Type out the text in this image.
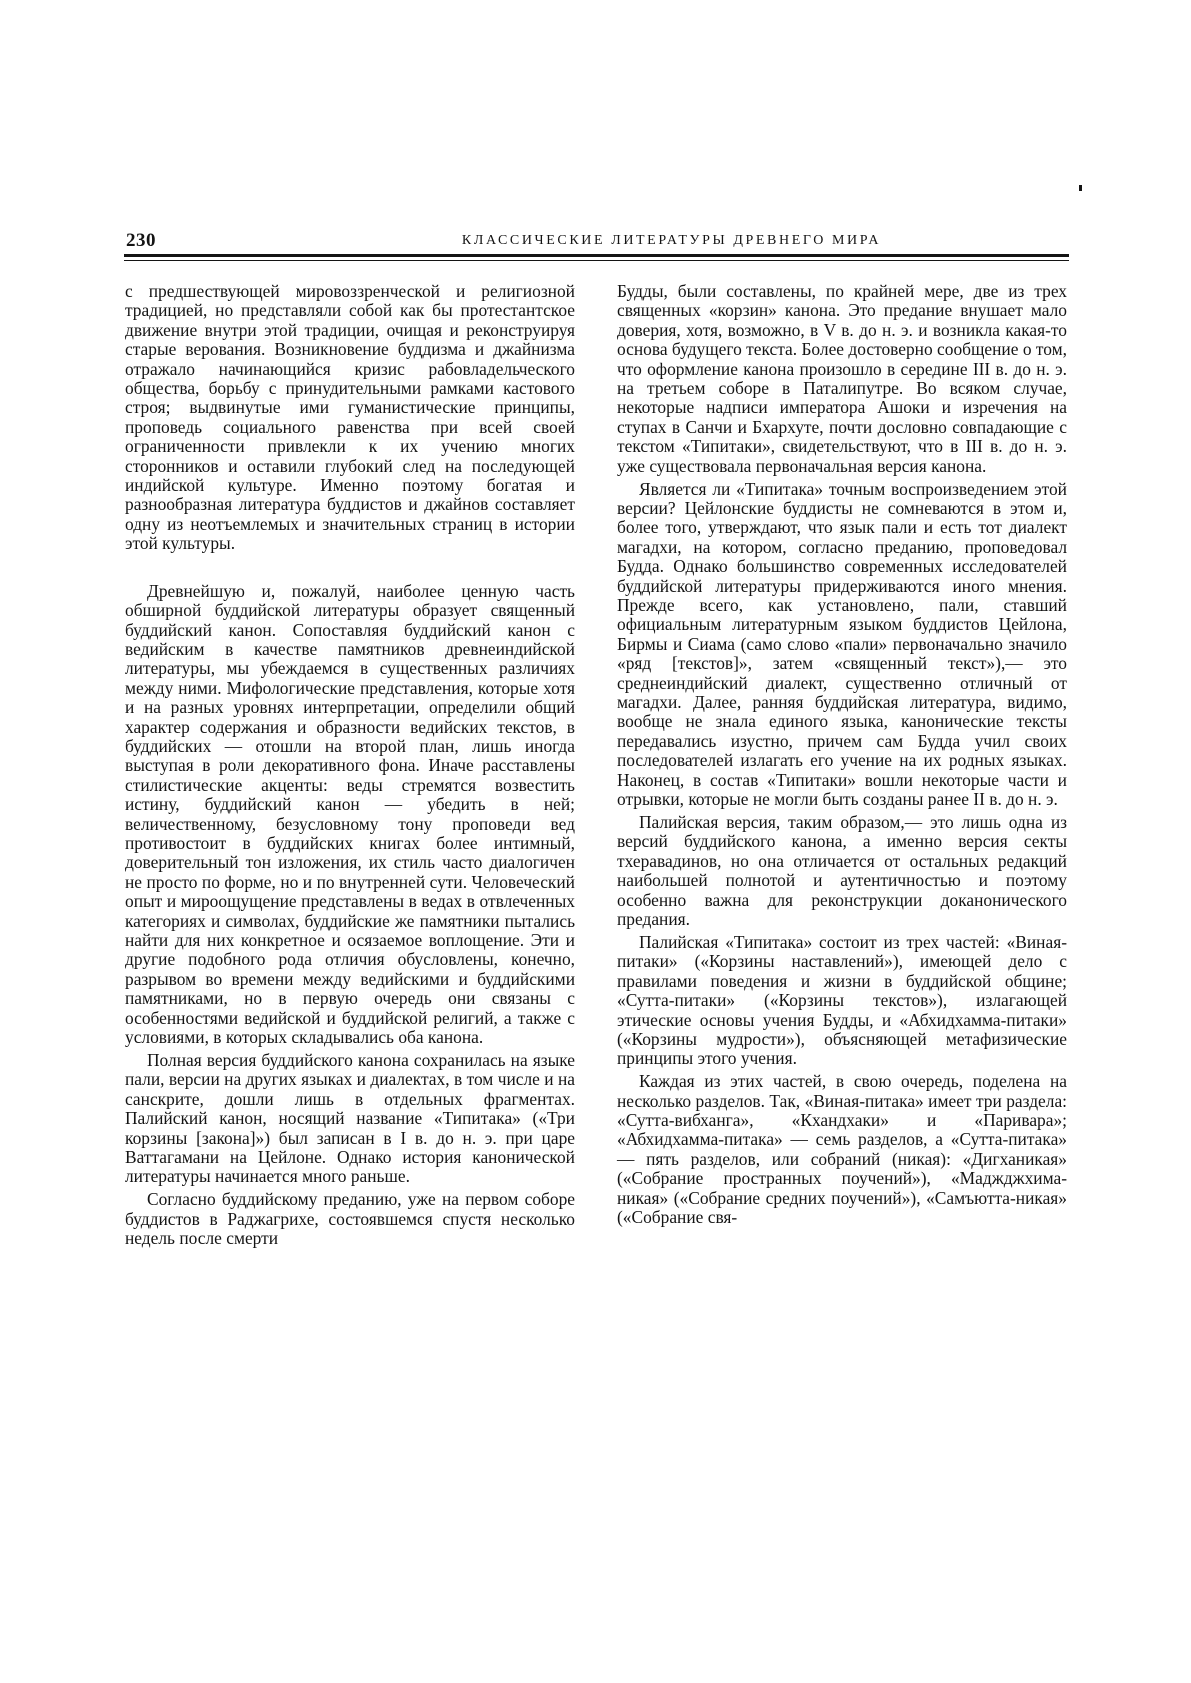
230	КЛАССИЧЕСКИЕ ЛИТЕРАТУРЫ ДРЕВНЕГО МИРА

с предшествующей мировоззренческой и религиозной традицией, но представляли собой как бы протестантское движение внутри этой традиции, очищая и реконструируя старые верования. Возникновение буддизма и джайнизма отражало начинающийся кризис рабовладельческого общества, борьбу с принудительными рамками кастового строя; выдвинутые ими гуманистические принципы, проповедь социального равенства при всей своей ограниченности привлекли к их учению многих сторонников и оставили глубокий след на последующей индийской культуре. Именно поэтому богатая и разнообразная литература буддистов и джайнов составляет одну из неотъемлемых и значительных страниц в истории этой культуры.

Древнейшую и, пожалуй, наиболее ценную часть обширной буддийской литературы образует священный буддийский канон. Сопоставляя буддийский канон с ведийским в качестве памятников древнеиндийской литературы, мы убеждаемся в существенных различиях между ними. Мифологические представления, которые хотя и на разных уровнях интерпретации, определили общий характер содержания и образности ведийских текстов, в буддийских — отошли на второй план, лишь иногда выступая в роли декоративного фона. Иначе расставлены стилистические акценты: веды стремятся возвестить истину, буддийский канон — убедить в ней; величественному, безусловному тону проповеди вед противостоит в буддийских книгах более интимный, доверительный тон изложения, их стиль часто диалогичен не просто по форме, но и по внутренней сути. Человеческий опыт и мироощущение представлены в ведах в отвлеченных категориях и символах, буддийские же памятники пытались найти для них конкретное и осязаемое воплощение. Эти и другие подобного рода отличия обусловлены, конечно, разрывом во времени между ведийскими и буддийскими памятниками, но в первую очередь они связаны с особенностями ведийской и буддийской религий, а также с условиями, в которых складывались оба канона.

Полная версия буддийского канона сохранилась на языке пали, версии на других языках и диалектах, в том числе и на санскрите, дошли лишь в отдельных фрагментах. Палийский канон, носящий название «Типитака» («Три корзины [закона]») был записан в I в. до н. э. при царе Ваттагамани на Цейлоне. Однако история канонической литературы начинается много раньше.

Согласно буддийскому преданию, уже на первом соборе буддистов в Раджагрихе, состоявшемся спустя несколько недель после смерти

Будды, были составлены, по крайней мере, две из трех священных «корзин» канона. Это предание внушает мало доверия, хотя, возможно, в V в. до н. э. и возникла какая-то основа будущего текста. Более достоверно сообщение о том, что оформление канона произошло в середине III в. до н. э. на третьем соборе в Паталипутре. Во всяком случае, некоторые надписи императора Ашоки и изречения на ступах в Санчи и Бхархуте, почти дословно совпадающие с текстом «Типитаки», свидетельствуют, что в III в. до н. э. уже существовала первоначальная версия канона.

Является ли «Типитака» точным воспроизведением этой версии? Цейлонские буддисты не сомневаются в этом и, более того, утверждают, что язык пали и есть тот диалект магадхи, на котором, согласно преданию, проповедовал Будда. Однако большинство современных исследователей буддийской литературы придерживаются иного мнения. Прежде всего, как установлено, пали, ставший официальным литературным языком буддистов Цейлона, Бирмы и Сиама (само слово «пали» первоначально значило «ряд [текстов]», затем «священный текст»),— это среднеиндийский диалект, существенно отличный от магадхи. Далее, ранняя буддийская литература, видимо, вообще не знала единого языка, канонические тексты передавались изустно, причем сам Будда учил своих последователей излагать его учение на их родных языках. Наконец, в состав «Типитаки» вошли некоторые части и отрывки, которые не могли быть созданы ранее II в. до н. э.

Палийская версия, таким образом,— это лишь одна из версий буддийского канона, а именно версия секты тхеравадинов, но она отличается от остальных редакций наибольшей полнотой и аутентичностью и поэтому особенно важна для реконструкции доканонического предания.

Палийская «Типитака» состоит из трех частей: «Виная-питаки» («Корзины наставлений»), имеющей дело с правилами поведения и жизни в буддийской общине; «Сутта-питаки» («Корзины текстов»), излагающей этические основы учения Будды, и «Абхидхамма-питаки» («Корзины мудрости»), объясняющей метафизические принципы этого учения.

Каждая из этих частей, в свою очередь, поделена на несколько разделов. Так, «Виная-питака» имеет три раздела: «Сутта-вибхангa», «Кхандхаки» и «Паривара»; «Абхидхамма-питака» — семь разделов, а «Сутта-питака» — пять разделов, или собраний (никая): «Дигханикая» («Собрание пространных поучений»), «Маджджхима-никая» («Собрание средних поучений»), «Самъютта-никая» («Собрание свя-
